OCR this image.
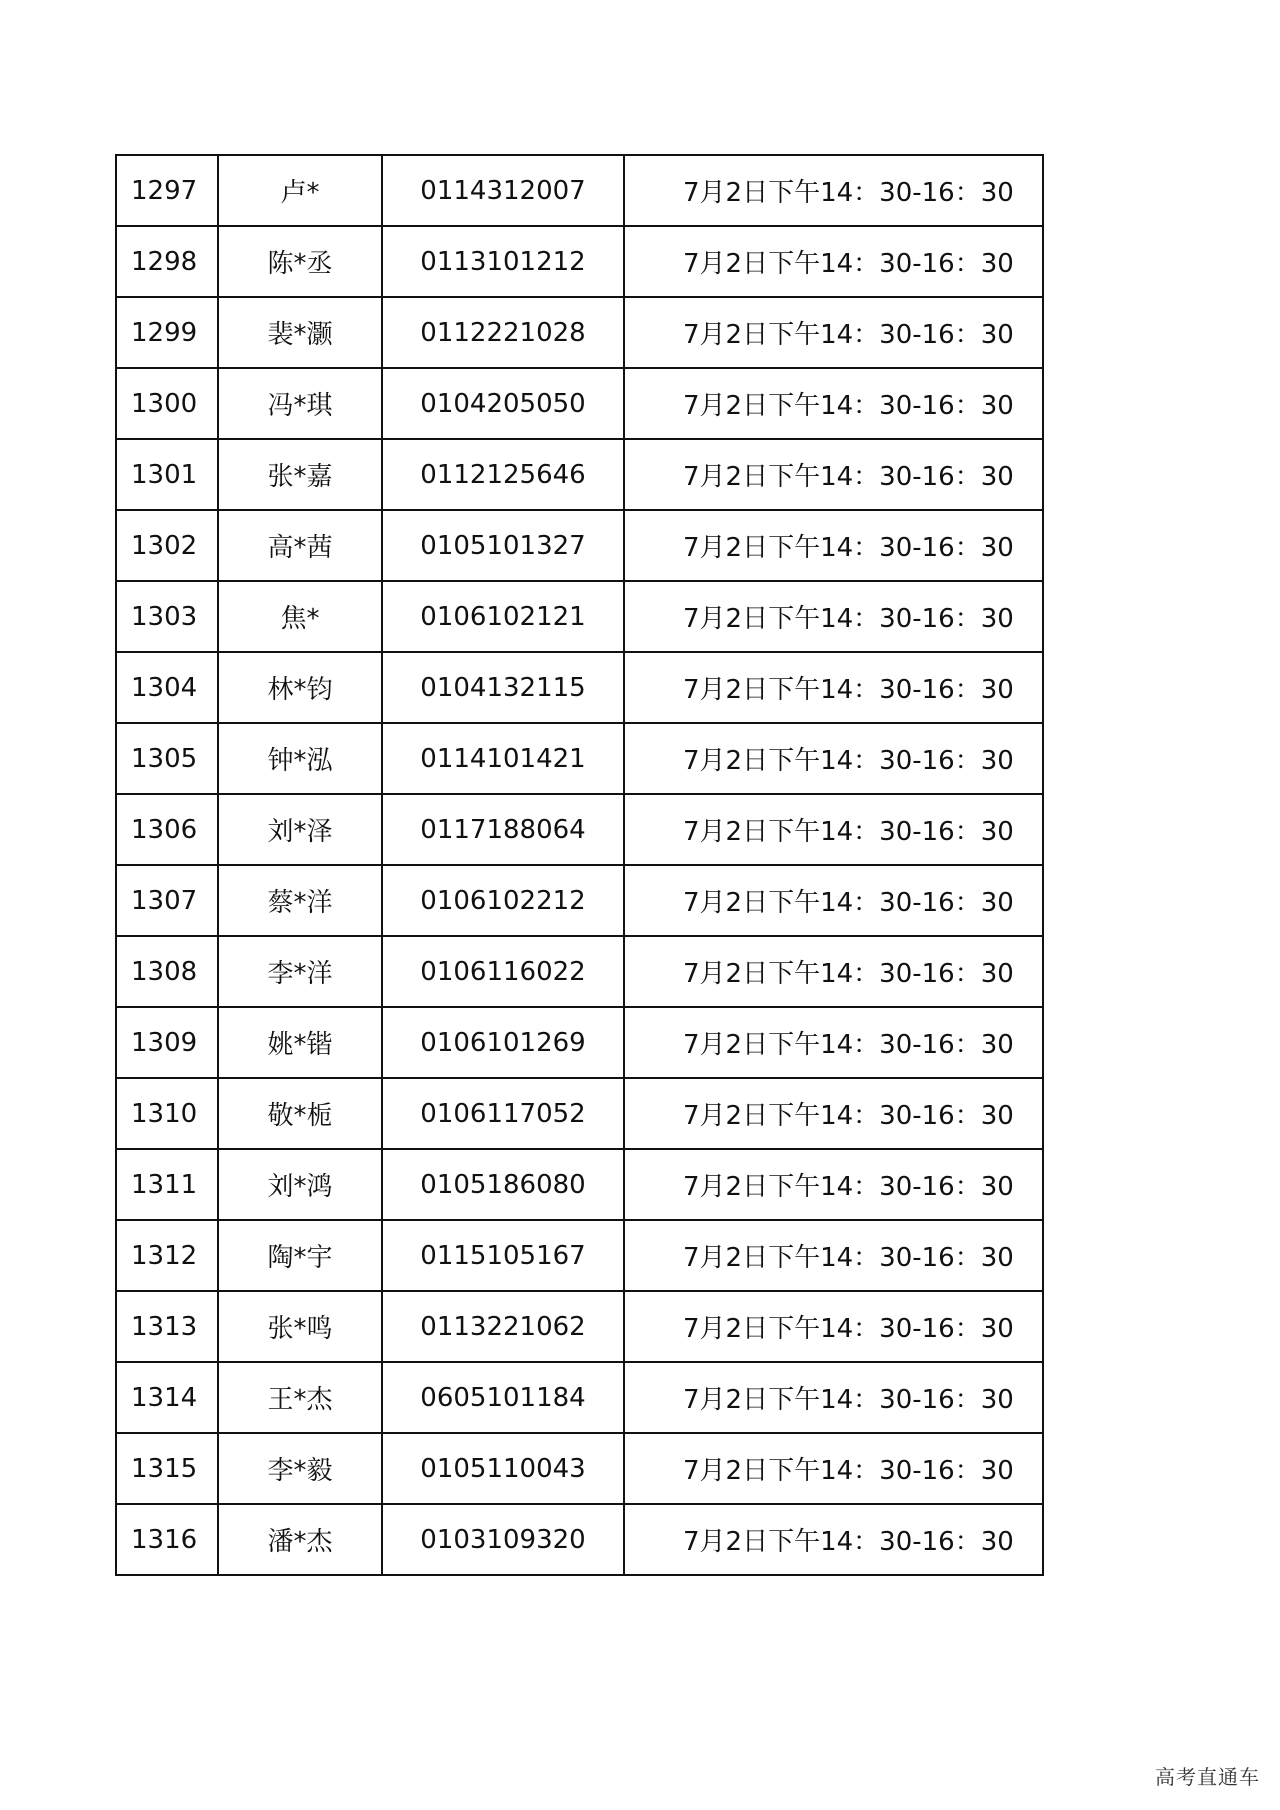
1297	卢*	0114312007	7月2日下午14：30-16：30
1298	陈*丞	0113101212	7月2日下午14：30-16：30
1299	裴*灏	0112221028	7月2日下午14：30-16：30
1300	冯*琪	0104205050	7月2日下午14：30-16：30
1301	张*嘉	0112125646	7月2日下午14：30-16：30
1302	高*茜	0105101327	7月2日下午14：30-16：30
1303	焦*	0106102121	7月2日下午14：30-16：30
1304	林*钧	0104132115	7月2日下午14：30-16：30
1305	钟*泓	0114101421	7月2日下午14：30-16：30
1306	刘*泽	0117188064	7月2日下午14：30-16：30
1307	蔡*洋	0106102212	7月2日下午14：30-16：30
1308	李*洋	0106116022	7月2日下午14：30-16：30
1309	姚*锴	0106101269	7月2日下午14：30-16：30
1310	敬*栀	0106117052	7月2日下午14：30-16：30
1311	刘*鸿	0105186080	7月2日下午14：30-16：30
1312	陶*宇	0115105167	7月2日下午14：30-16：30
1313	张*鸣	0113221062	7月2日下午14：30-16：30
1314	王*杰	0605101184	7月2日下午14：30-16：30
1315	李*毅	0105110043	7月2日下午14：30-16：30
1316	潘*杰	0103109320	7月2日下午14：30-16：30
高考直通车
